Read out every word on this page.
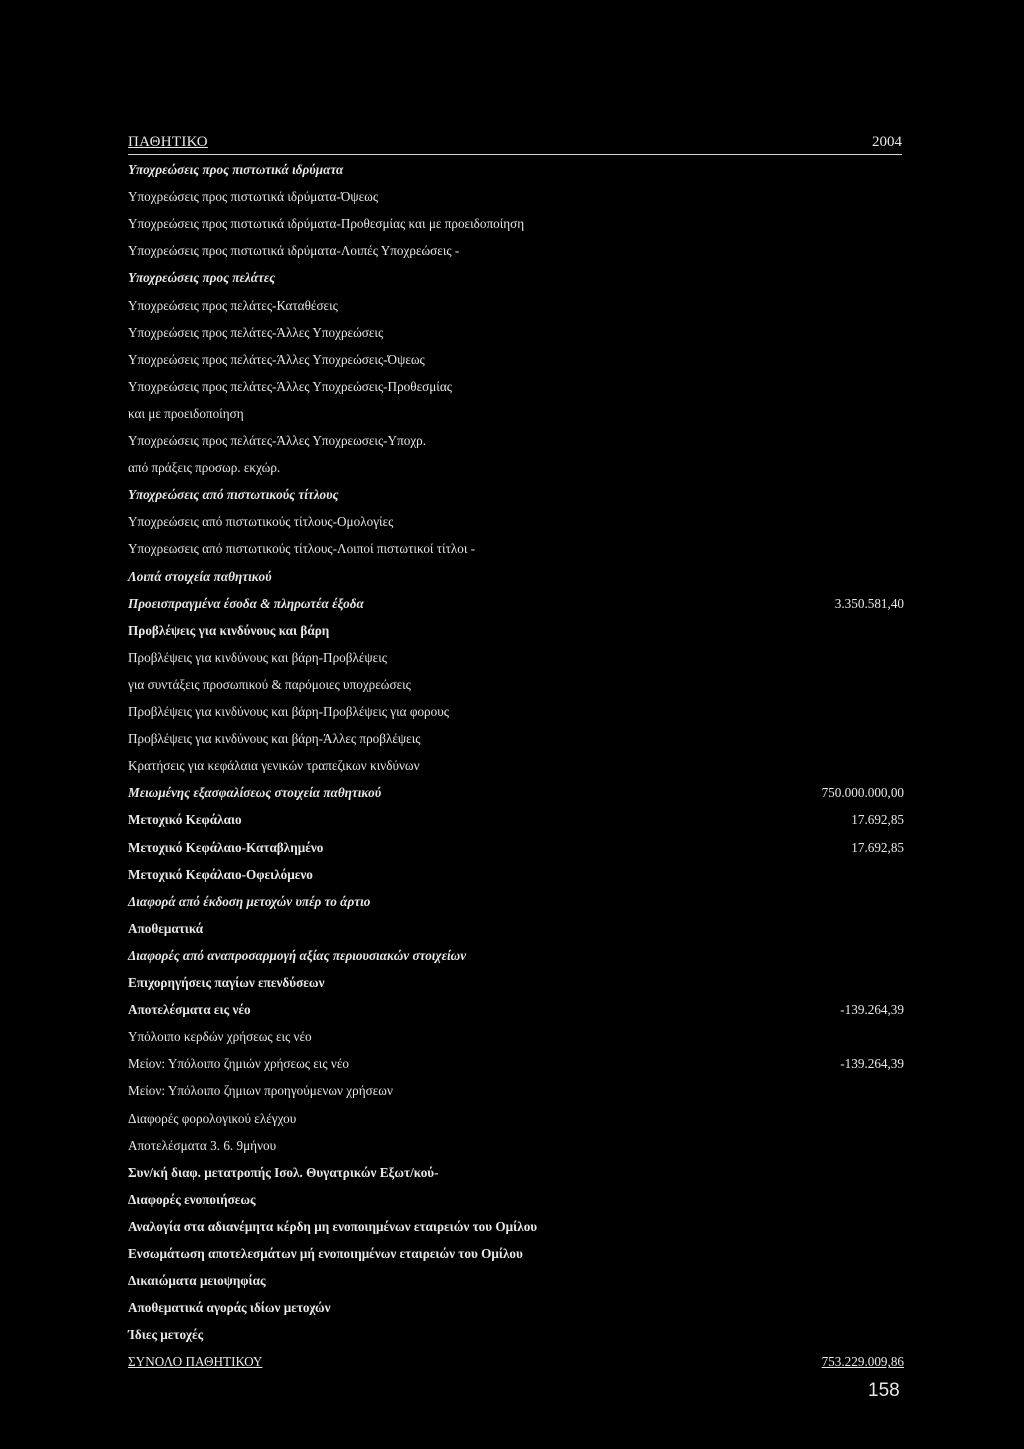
ΠΑΘΗΤΙΚΟ	2004
Υποχρεώσεις προς πιστωτικά ιδρύματα
Υποχρεώσεις προς πιστωτικά ιδρύματα-Όψεως
Υποχρεώσεις προς πιστωτικά ιδρύματα-Προθεσμίας και με προειδοποίηση
Υποχρεώσεις προς πιστωτικά ιδρύματα-Λοιπές Υποχρεώσεις -
Υποχρεώσεις προς πελάτες
Υποχρεώσεις προς πελάτες-Καταθέσεις
Υποχρεώσεις προς πελάτες-Άλλες Υποχρεώσεις
Υποχρεώσεις προς πελάτες-Άλλες Υποχρεώσεις-Όψεως
Υποχρεώσεις προς πελάτες-Άλλες Υποχρεώσεις-Προθεσμίας
και με προειδοποίηση
Υποχρεώσεις προς πελάτες-Άλλες Υποχρεωσεις-Υποχρ.
από πράξεις προσωρ. εκχώρ.
Υποχρεώσεις από πιστωτικούς τίτλους
Υποχρεώσεις από πιστωτικούς τίτλους-Ομολογίες
Υποχρεωσεις από πιστωτικούς τίτλους-Λοιποί πιστωτικοί τίτλοι -
Λοιπά στοιχεία παθητικού
Προεισπραγμένα έσοδα & πληρωτέα έξοδα	3.350.581,40
Προβλέψεις για κινδύνους και βάρη
Προβλέψεις για κινδύνους και βάρη-Προβλέψεις
για συντάξεις προσωπικού & παρόμοιες υποχρεώσεις
Προβλέψεις για κινδύνους και βάρη-Προβλέψεις για φορους
Προβλέψεις για κινδύνους και βάρη-Άλλες προβλέψεις
Κρατήσεις για κεφάλαια γενικών τραπεζικων κινδύνων
Μειωμένης εξασφαλίσεως στοιχεία παθητικού	750.000.000,00
Μετοχικό Κεφάλαιο	17.692,85
Μετοχικό Κεφάλαιο-Καταβλημένο	17.692,85
Μετοχικό Κεφάλαιο-Οφειλόμενο
Διαφορά από έκδοση μετοχών υπέρ το άρτιο
Αποθεματικά
Διαφορές από αναπροσαρμογή αξίας περιουσιακών στοιχείων
Επιχορηγήσεις παγίων επενδύσεων
Αποτελέσματα εις νέο	-139.264,39
Υπόλοιπο κερδών χρήσεως εις νέο
Μείον: Υπόλοιπο ζημιών χρήσεως εις νέο	-139.264,39
Μείον: Υπόλοιπο ζημιων προηγούμενων χρήσεων
Διαφορές φορολογικού ελέγχου
Αποτελέσματα 3. 6. 9μήνου
Συν/κή διαφ. μετατροπής Ισολ. Θυγατρικών Εξωτ/κού-
Διαφορές ενοποιήσεως
Αναλογία στα αδιανέμητα κέρδη μη ενοποιημένων εταιρειών του Ομίλου
Ενσωμάτωση αποτελεσμάτων μή ενοποιημένων εταιρειών του Ομίλου
Δικαιώματα μειοψηφίας
Αποθεματικά αγοράς ιδίων μετοχών
Ίδιες μετοχές
ΣΥΝΟΛΟ ΠΑΘΗΤΙΚΟΥ	753.229.009,86
158
